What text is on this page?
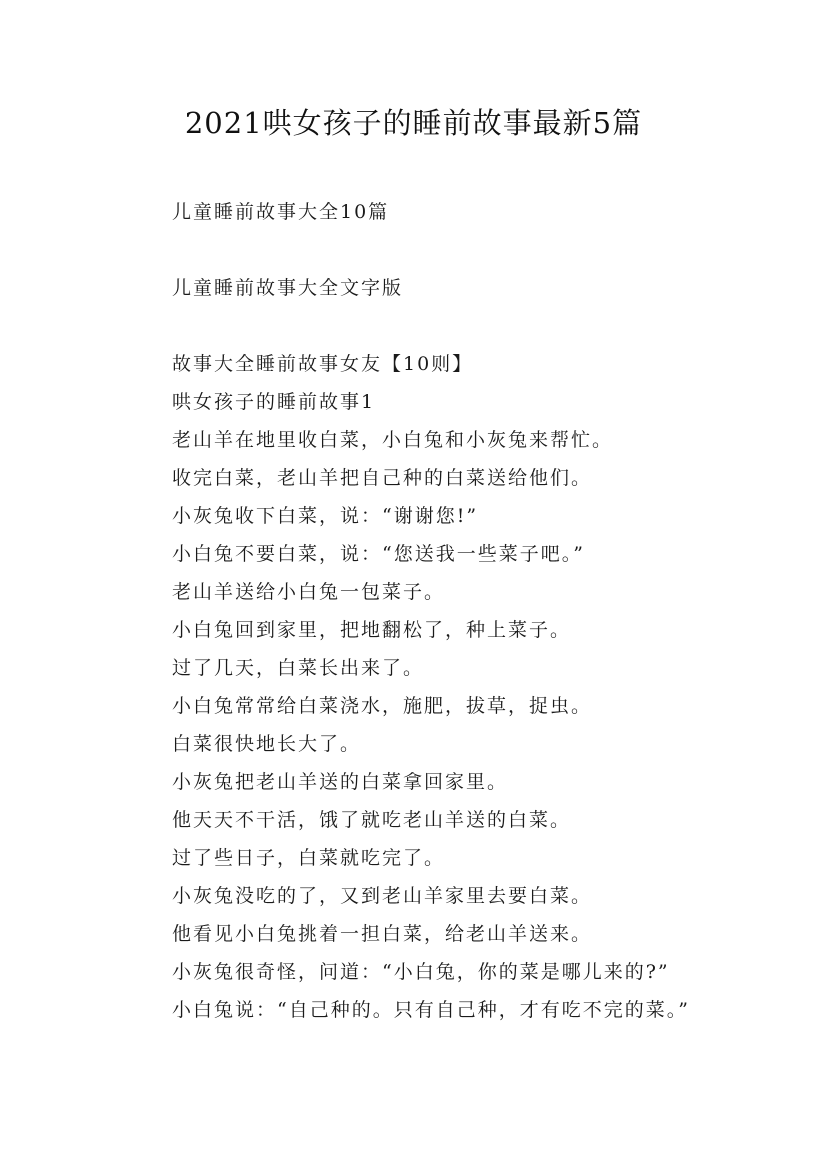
2021哄女孩子的睡前故事最新5篇
儿童睡前故事大全10篇
儿童睡前故事大全文字版
故事大全睡前故事女友【10则】
哄女孩子的睡前故事1
老山羊在地里收白菜，小白兔和小灰兔来帮忙。
收完白菜，老山羊把自己种的白菜送给他们。
小灰兔收下白菜，说：“谢谢您!”
小白兔不要白菜，说：“您送我一些菜子吧。”
老山羊送给小白兔一包菜子。
小白兔回到家里，把地翻松了，种上菜子。
过了几天，白菜长出来了。
小白兔常常给白菜浇水，施肥，拔草，捉虫。
白菜很快地长大了。
小灰兔把老山羊送的白菜拿回家里。
他天天不干活，饿了就吃老山羊送的白菜。
过了些日子，白菜就吃完了。
小灰兔没吃的了，又到老山羊家里去要白菜。
他看见小白兔挑着一担白菜，给老山羊送来。
小灰兔很奇怪，问道：“小白兔，你的菜是哪儿来的?”
小白兔说：“自己种的。只有自己种，才有吃不完的菜。”
